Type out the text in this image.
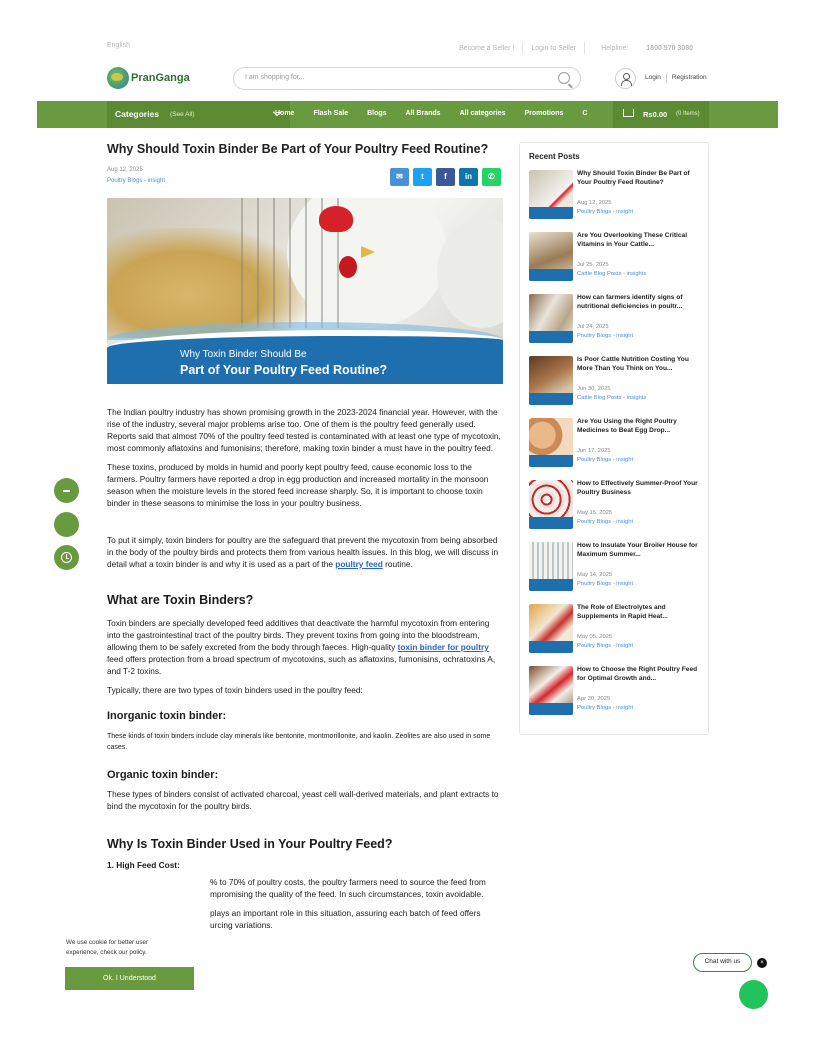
English	Become a Seller !	Login to Seller	Helpline:	1800 570 3080
PranGanga	I am shopping for...	Login Registration
Categories (See All)	Home	Flash Sale	Blogs	All Brands	All categories	Promotions	C	Rs0.00 (0 Items)
Why Should Toxin Binder Be Part of Your Poultry Feed Routine?
Aug 12, 2025
Poultry Blogs - insight	✉	t	f	in	✆
Why Toxin Binder Should Be
Part of Your Poultry Feed Routine?

The Indian poultry industry has shown promising growth in the 2023-2024 financial year. However, with the rise of the industry, several major problems arise too. One of them is the poultry feed generally used. Reports said that almost 70% of the poultry feed tested is contaminated with at least one type of mycotoxin, most commonly aflatoxins and fumonisins; therefore, making toxin binder a must have in the poultry feed.

These toxins, produced by molds in humid and poorly kept poultry feed, cause economic loss to the farmers. Poultry farmers have reported a drop in egg production and increased mortality in the monsoon season when the moisture levels in the stored feed increase sharply. So, it is important to choose toxin binder in these seasons to minimise the loss in your poultry business.

To put it simply, toxin binders for poultry are the safeguard that prevent the mycotoxin from being absorbed in the body of the poultry birds and protects them from various health issues. In this blog, we will discuss in detail what a toxin binder is and why it is used as a part of the poultry feed routine.

What are Toxin Binders?

Toxin binders are specially developed feed additives that deactivate the harmful mycotoxin from entering into the gastrointestinal tract of the poultry birds. They prevent toxins from going into the bloodstream, allowing them to be safely excreted from the body through faeces. High-quality toxin binder for poultry feed offers protection from a broad spectrum of mycotoxins, such as aflatoxins, fumonisins, ochratoxins A, and T-2 toxins.

Typically, there are two types of toxin binders used in the poultry feed:

Inorganic toxin binder:

These kinds of toxin binders include clay minerals like bentonite, montmorillonite, and kaolin. Zeolites are also used in some cases.

Organic toxin binder:

These types of binders consist of activated charcoal, yeast cell wall-derived materials, and plant extracts to bind the mycotoxin for the poultry birds.

Why Is Toxin Binder Used in Your Poultry Feed?
1. High Feed Cost:

% to 70% of poultry costs, the poultry farmers need to source the feed from mpromising the quality of the feed. In such circumstances, toxin avoidable.

plays an important role in this situation, assuring each batch of feed offers urcing variations.

Recent Posts
Why Should Toxin Binder Be Part of Your Poultry Feed Routine?
Aug 12, 2025
Poultry Blogs - insight
Are You Overlooking These Critical Vitamins in Your Cattle...
Jul 25, 2025
Cattle Blog Posts - insights
How can farmers identify signs of nutritional deficiencies in poultr...
Jul 24, 2025
Poultry Blogs - insight
Is Poor Cattle Nutrition Costing You More Than You Think on You...
Jun 30, 2025
Cattle Blog Posts - insights
Are You Using the Right Poultry Medicines to Beat Egg Drop...
Jun 17, 2025
Poultry Blogs - insight
How to Effectively Summer-Proof Your Poultry Business
May 15, 2025
Poultry Blogs - insight
How to Insulate Your Broiler House for Maximum Summer...
May 14, 2025
Poultry Blogs - insight
The Role of Electrolytes and Supplements in Rapid Heat...
May 05, 2025
Poultry Blogs - insight
How to Choose the Right Poultry Feed for Optimal Growth and...
Apr 30, 2025
Poultry Blogs - insight
We use cookie for better user experience, check our policy.
Ok. I Understood
Chat with us	×
